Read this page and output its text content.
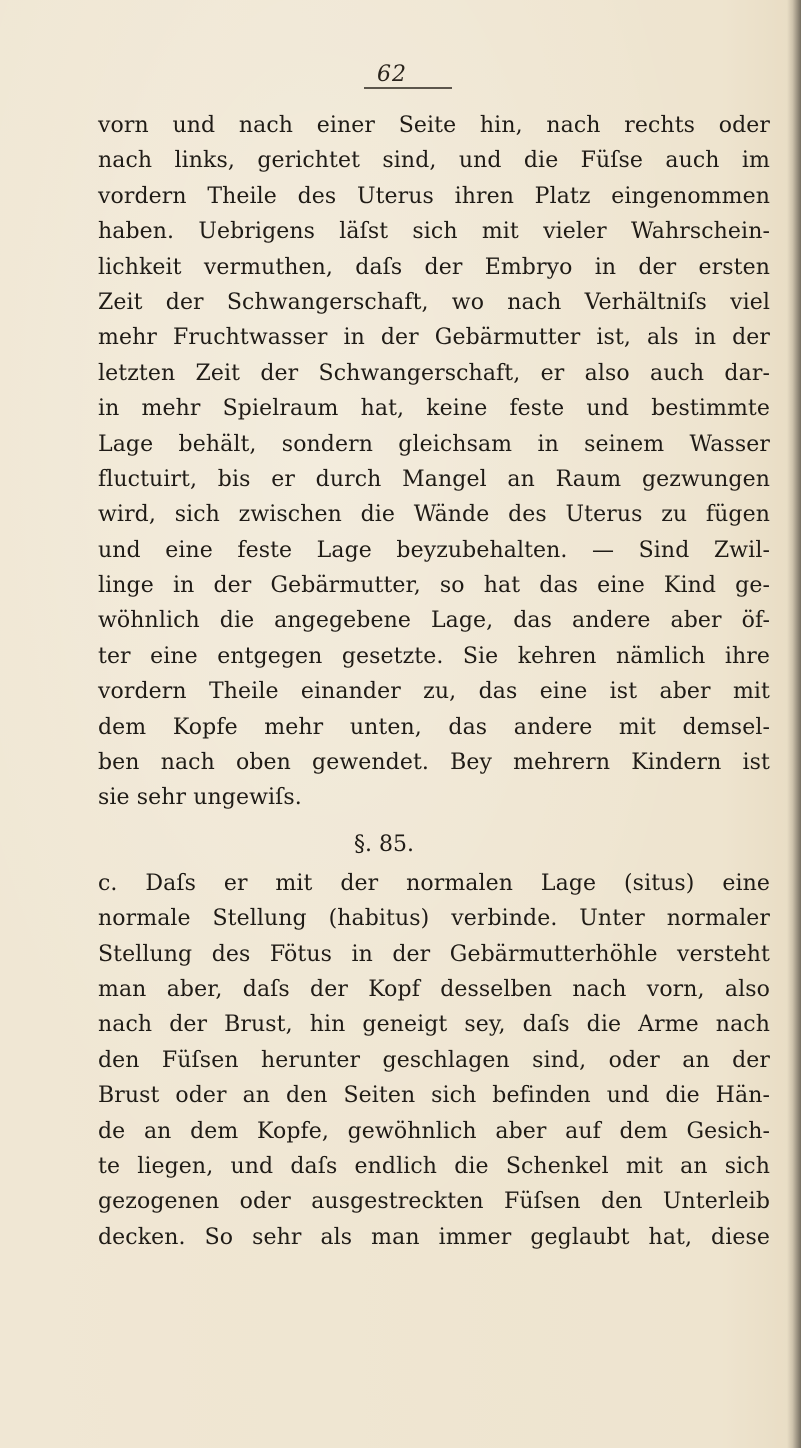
62
vorn und nach einer Seite hin, nach rechts oder
nach links, gerichtet sind, und die Füſse auch im
vordern Theile des Uterus ihren Platz eingenommen
haben. Uebrigens läſst sich mit vieler Wahrschein-
lichkeit vermuthen, daſs der Embryo in der ersten
Zeit der Schwangerschaft, wo nach Verhältniſs viel
mehr Fruchtwasser in der Gebärmutter ist, als in der
letzten Zeit der Schwangerschaft, er also auch dar-
in mehr Spielraum hat, keine feste und bestimmte
Lage behält, sondern gleichsam in seinem Wasser
fluctuirt, bis er durch Mangel an Raum gezwungen
wird, sich zwischen die Wände des Uterus zu fügen
und eine feste Lage beyzubehalten. — Sind Zwil-
linge in der Gebärmutter, so hat das eine Kind ge-
wöhnlich die angegebene Lage, das andere aber öf-
ter eine entgegen gesetzte. Sie kehren nämlich ihre
vordern Theile einander zu, das eine ist aber mit
dem Kopfe mehr unten, das andere mit demsel-
ben nach oben gewendet. Bey mehrern Kindern ist
sie sehr ungewiſs.
§. 85.
c. Daſs er mit der normalen Lage (situs) eine
normale Stellung (habitus) verbinde. Unter normaler
Stellung des Fötus in der Gebärmutterhöhle versteht
man aber, daſs der Kopf desselben nach vorn, also
nach der Brust, hin geneigt sey, daſs die Arme nach
den Füſsen herunter geschlagen sind, oder an der
Brust oder an den Seiten sich befinden und die Hän-
de an dem Kopfe, gewöhnlich aber auf dem Gesich-
te liegen, und daſs endlich die Schenkel mit an sich
gezogenen oder ausgestreckten Füſsen den Unterleib
decken. So sehr als man immer geglaubt hat, diese
